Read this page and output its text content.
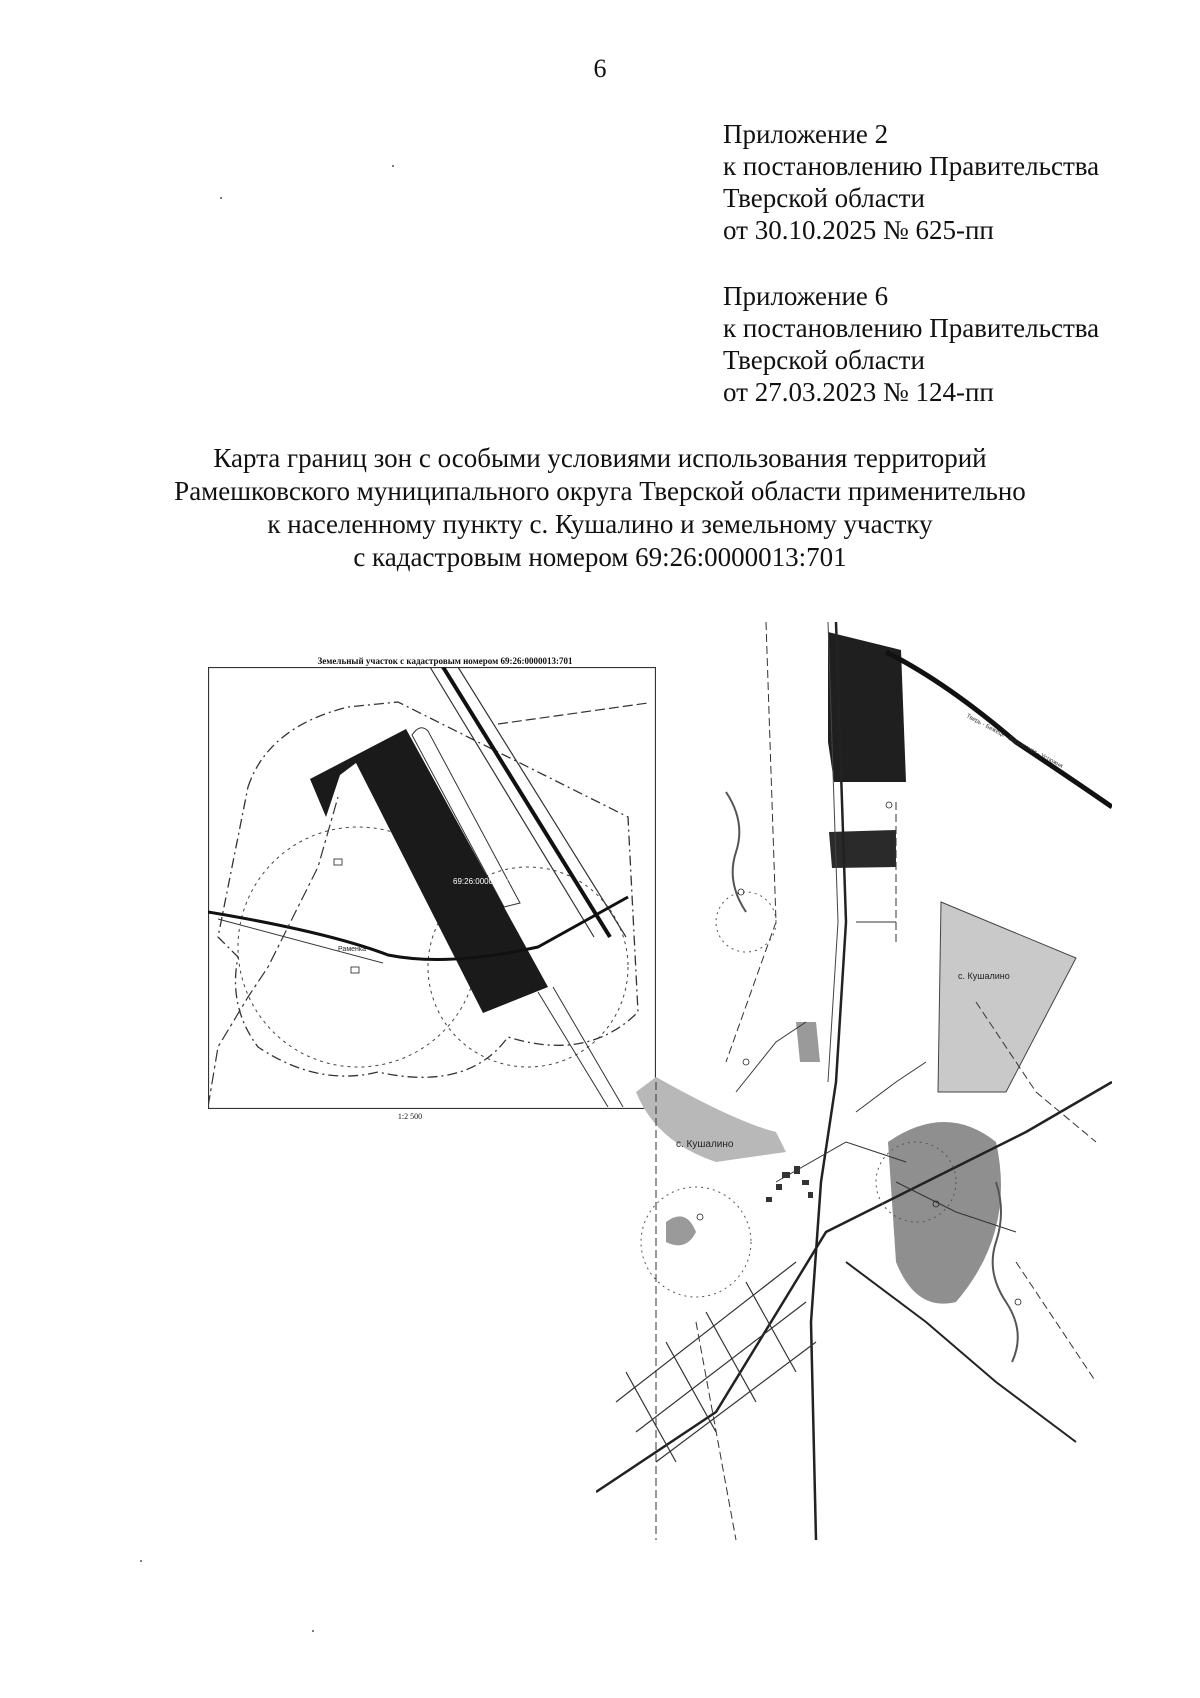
6
Приложение 2
к постановлению Правительства
Тверской области
от 30.10.2025 № 625-пп
Приложение 6
к постановлению Правительства
Тверской области
от 27.03.2023 № 124-пп
Карта границ зон с особыми условиями использования территорий
Рамешковского муниципального округа Тверской области применительно
к населенному пункту с. Кушалино и земельному участку
с кадастровым номером 69:26:0000013:701
Земельный участок с кадастровым номером 69:26:0000013:701
69:26:0000013:701
Раменка
1:2 500
с. Кушалино
Тверь - Бежецк - Весьегонск - Устюжна
с. Кушалино
